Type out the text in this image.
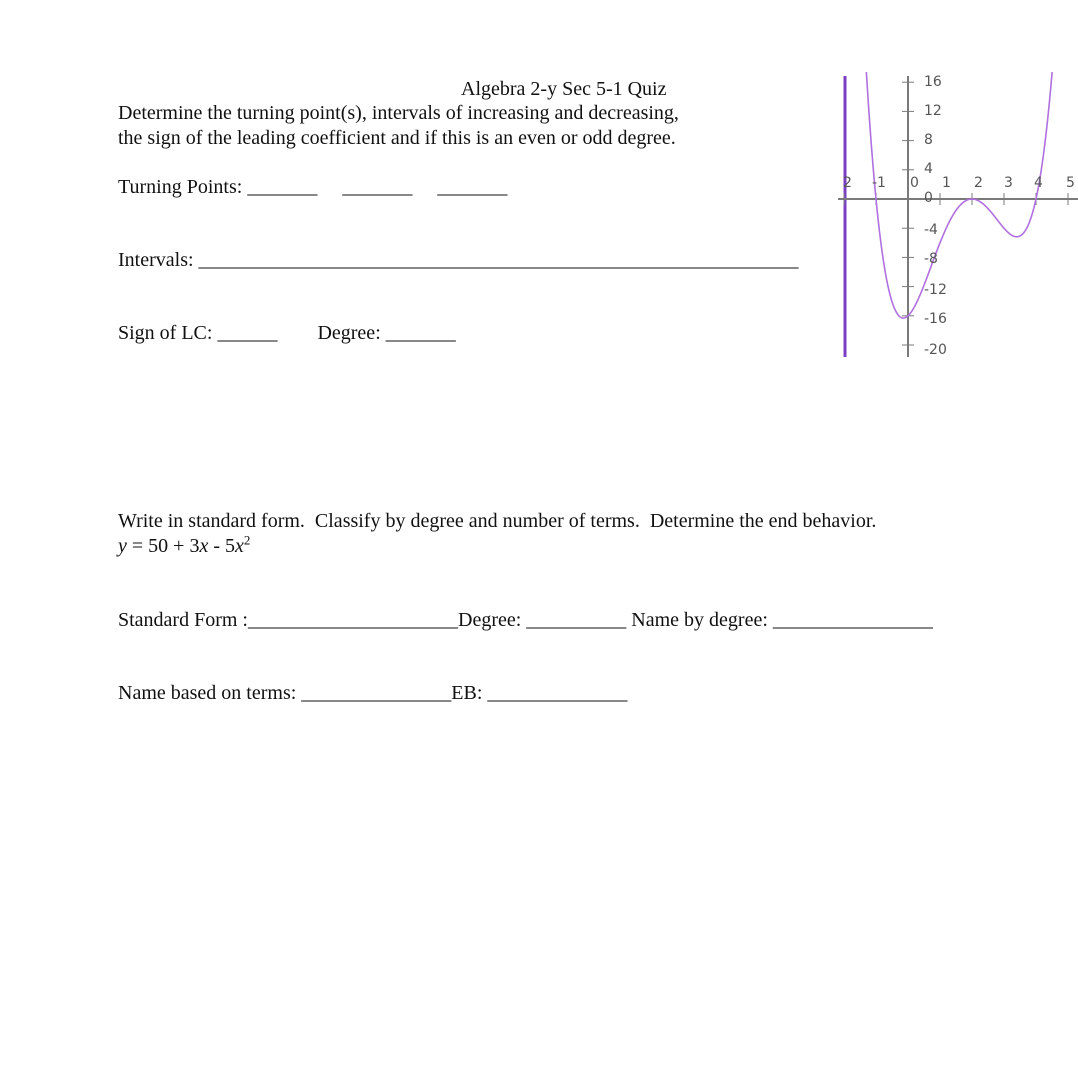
Algebra 2-y Sec 5-1 Quiz
Determine the turning point(s), intervals of increasing and decreasing,
the sign of the leading coefficient and if this is an even or odd degree.
Turning Points: _______ _______ _______
Intervals: ____________________________________________________________
Sign of LC: ______ Degree: _______
2 -1 0 1 2 3 4 5
16
12
8
4
0
-4
-8
-12
-16
-20
Write in standard form.  Classify by degree and number of terms.  Determine the end behavior.
$y = 50 + 3x - 5x^2$
Standard Form :_____________________Degree: __________ Name by degree: ________________
Name based on terms: _______________EB: ______________
